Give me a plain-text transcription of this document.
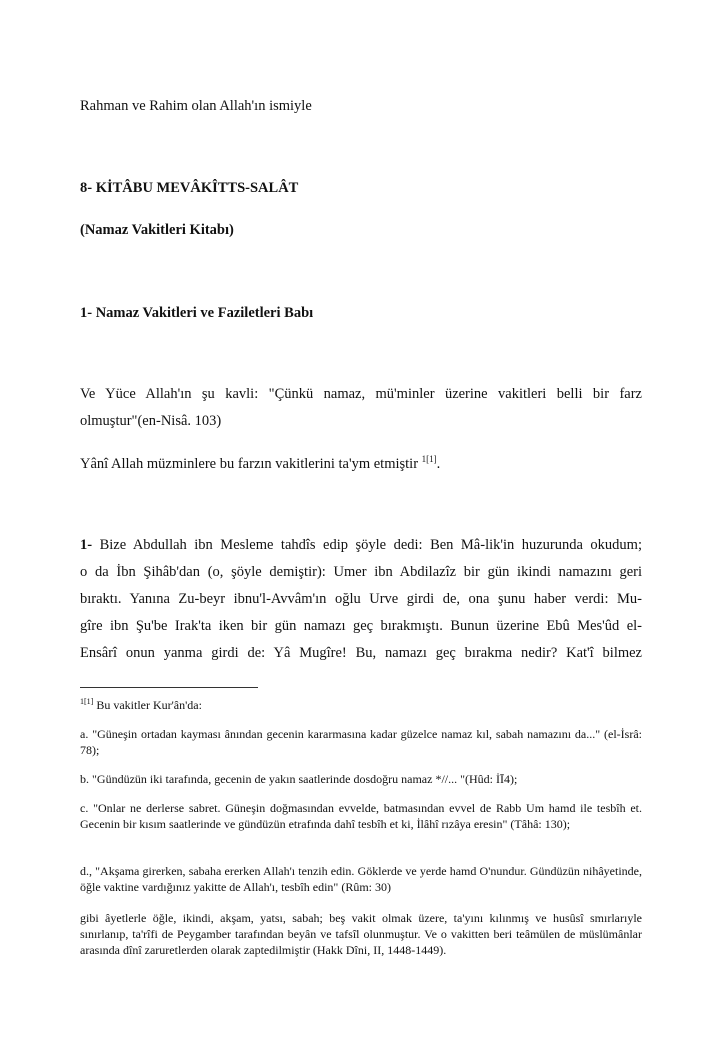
Rahman ve Rahim olan Allah'ın ismiyle
8- KİTÂBU MEVÂKÎTTS-SALÂT
(Namaz Vakitleri Kitabı)
1- Namaz Vakitleri ve Faziletleri Babı
Ve Yüce Allah'ın şu kavli: "Çünkü namaz, mü'minler üzerine vakitleri belli bir farz
olmuştur"(en-Nisâ. 103)
Yânî Allah müzminlere bu farzın vakitlerini ta'ym etmiştir $^{1[1]}$.
1- Bize Abdullah ibn Mesleme tahdîs edip şöyle dedi: Ben Mâ-lik'in huzurunda okudum;
o da İbn Şihâb'dan (o, şöyle demiştir): Umer ibn Abdilazîz bir gün ikindi namazını geri
bıraktı. Yanına Zu-beyr ibnu'l-Avvâm'ın oğlu Urve girdi de, ona şunu haber verdi: Mu-
gîre ibn Şu'be Irak'ta iken bir gün namazı geç bırakmıştı. Bunun üzerine Ebû Mes'ûd el-
Ensârî onun yanma girdi de: Yâ Mugîre! Bu, namazı geç bırakma nedir? Kat'î bilmez
$^{1[1]}$ Bu vakitler Kur'ân'da:
a. "Güneşin ortadan kayması ânından gecenin kararmasına kadar güzelce namaz kıl, sabah namazını da..." (el-İsrâ: 78);
b. "Gündüzün iki tarafında, gecenin de yakın saatlerinde dosdoğru namaz *//... "(Hûd: İĪ4);
c. "Onlar ne derlerse sabret. Güneşin doğmasından evvelde, batmasından evvel de Rabb Um hamd ile tesbîh et. Gecenin bir kısım saatlerinde ve gündüzün etrafında dahî tesbîh et ki, İlâhî rızâya eresin" (Tâhâ: 130);
d., "Akşama girerken, sabaha ererken Allah'ı tenzih edin. Göklerde ve yerde hamd O'nundur. Gündüzün nihâyetinde, öğle vaktine vardığınız yakitte de Allah'ı, tesbîh edin" (Rûm: 30)
gibi âyetlerle öğle, ikindi, akşam, yatsı, sabah; beş vakit olmak üzere, ta'yını kılınmış ve husûsî smırlarıyle sınırlanıp, ta'rîfi de Peygamber tarafından beyân ve tafsîl olunmuştur. Ve o vakitten beri teâmülen de müslümânlar arasında dînî zaruretlerden olarak zaptedilmiştir (Hakk Dîni, II, 1448-1449).
